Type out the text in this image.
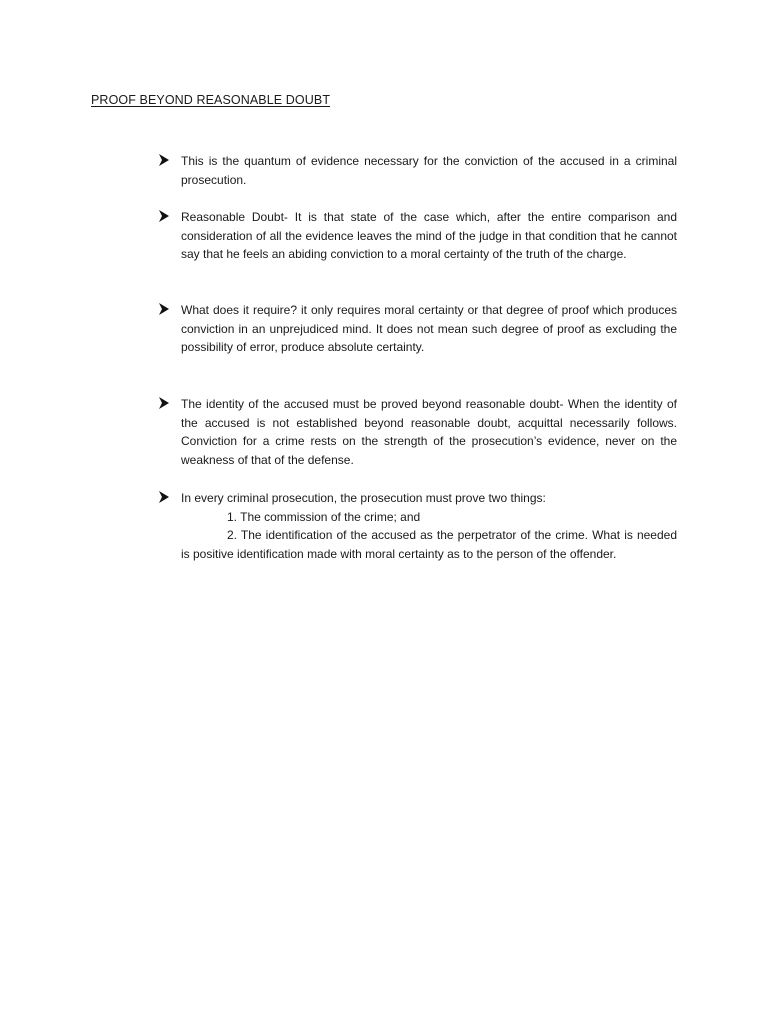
PROOF BEYOND REASONABLE DOUBT
This is the quantum of evidence necessary for the conviction of the accused in a criminal prosecution.
Reasonable Doubt- It is that state of the case which, after the entire comparison and consideration of all the evidence leaves the mind of the judge in that condition that he cannot say that he feels an abiding conviction to a moral certainty of the truth of the charge.
What does it require? it only requires moral certainty or that degree of proof which produces conviction in an unprejudiced mind. It does not mean such degree of proof as excluding the possibility of error, produce absolute certainty.
The identity of the accused must be proved beyond reasonable doubt- When the identity of the accused is not established beyond reasonable doubt, acquittal necessarily follows. Conviction for a crime rests on the strength of the prosecution’s evidence, never on the weakness of that of the defense.
In every criminal prosecution, the prosecution must prove two things:
1. The commission of the crime; and
2. The identification of the accused as the perpetrator of the crime. What is needed is positive identification made with moral certainty as to the person of the offender.
